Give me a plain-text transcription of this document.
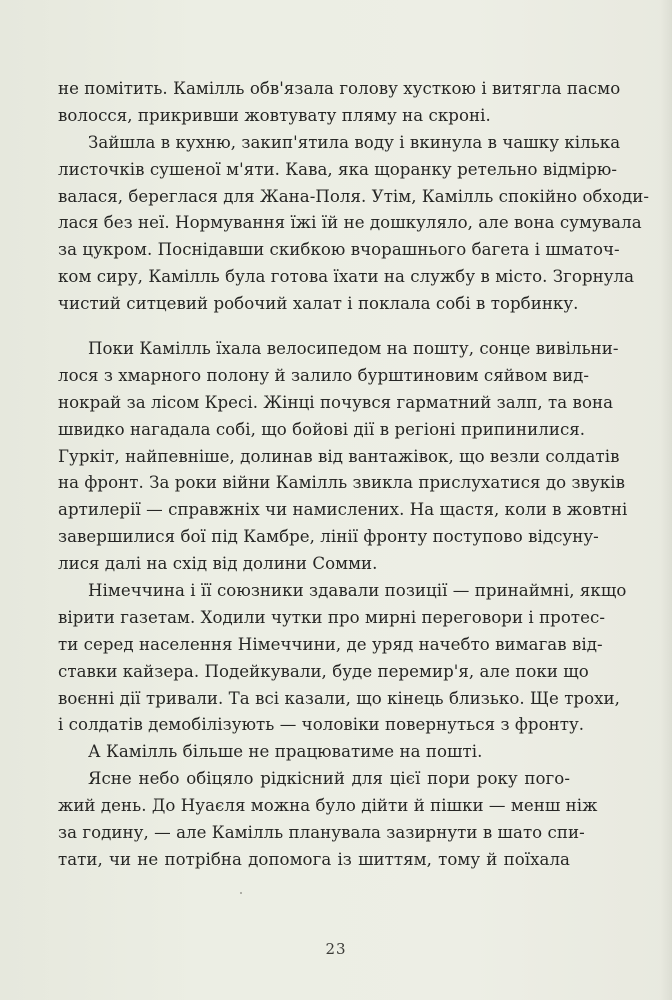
не помітить. Камілль обв'язала голову хусткою і витягла пасмо
волосся, прикривши жовтувату пляму на скроні.
Зайшла в кухню, закип'ятила воду і вкинула в чашку кілька
листочків сушеної м'яти. Кава, яка щоранку ретельно відмірю-
валася, береглася для Жана-Поля. Утім, Камілль спокійно обходи-
лася без неї. Нормування їжі їй не дошкуляло, але вона сумувала
за цукром. Поснідавши скибкою вчорашнього багета і шматоч-
ком сиру, Камілль була готова їхати на службу в місто. Згорнула
чистий ситцевий робочий халат і поклала собі в торбинку.
Поки Камілль їхала велосипедом на пошту, сонце вивільни-
лося з хмарного полону й залило бурштиновим сяйвом вид-
нокрай за лісом Кресі. Жінці почувся гарматний залп, та вона
швидко нагадала собі, що бойові дії в регіоні припинилися.
Гуркіт, найпевніше, долинав від вантажівок, що везли солдатів
на фронт. За роки війни Камілль звикла прислухатися до звуків
артилерії — справжніх чи намислених. На щастя, коли в жовтні
завершилися бої під Камбре, лінії фронту поступово відсуну-
лися далі на схід від долини Сомми.
Німеччина і її союзники здавали позиції — принаймні, якщо
вірити газетам. Ходили чутки про мирні переговори і протес-
ти серед населення Німеччини, де уряд начебто вимагав від-
ставки кайзера. Подейкували, буде перемир'я, але поки що
воєнні дії тривали. Та всі казали, що кінець близько. Ще трохи,
і солдатів демобілізують — чоловіки повернуться з фронту.
А Камілль більше не працюватиме на пошті.
Ясне небо обіцяло рідкісний для цієї пори року пого-
жий день. До Нуаєля можна було дійти й пішки — менш ніж
за годину, — але Камілль планувала зазирнути в шато спи-
тати, чи не потрібна допомога із шиттям, тому й поїхала
23
